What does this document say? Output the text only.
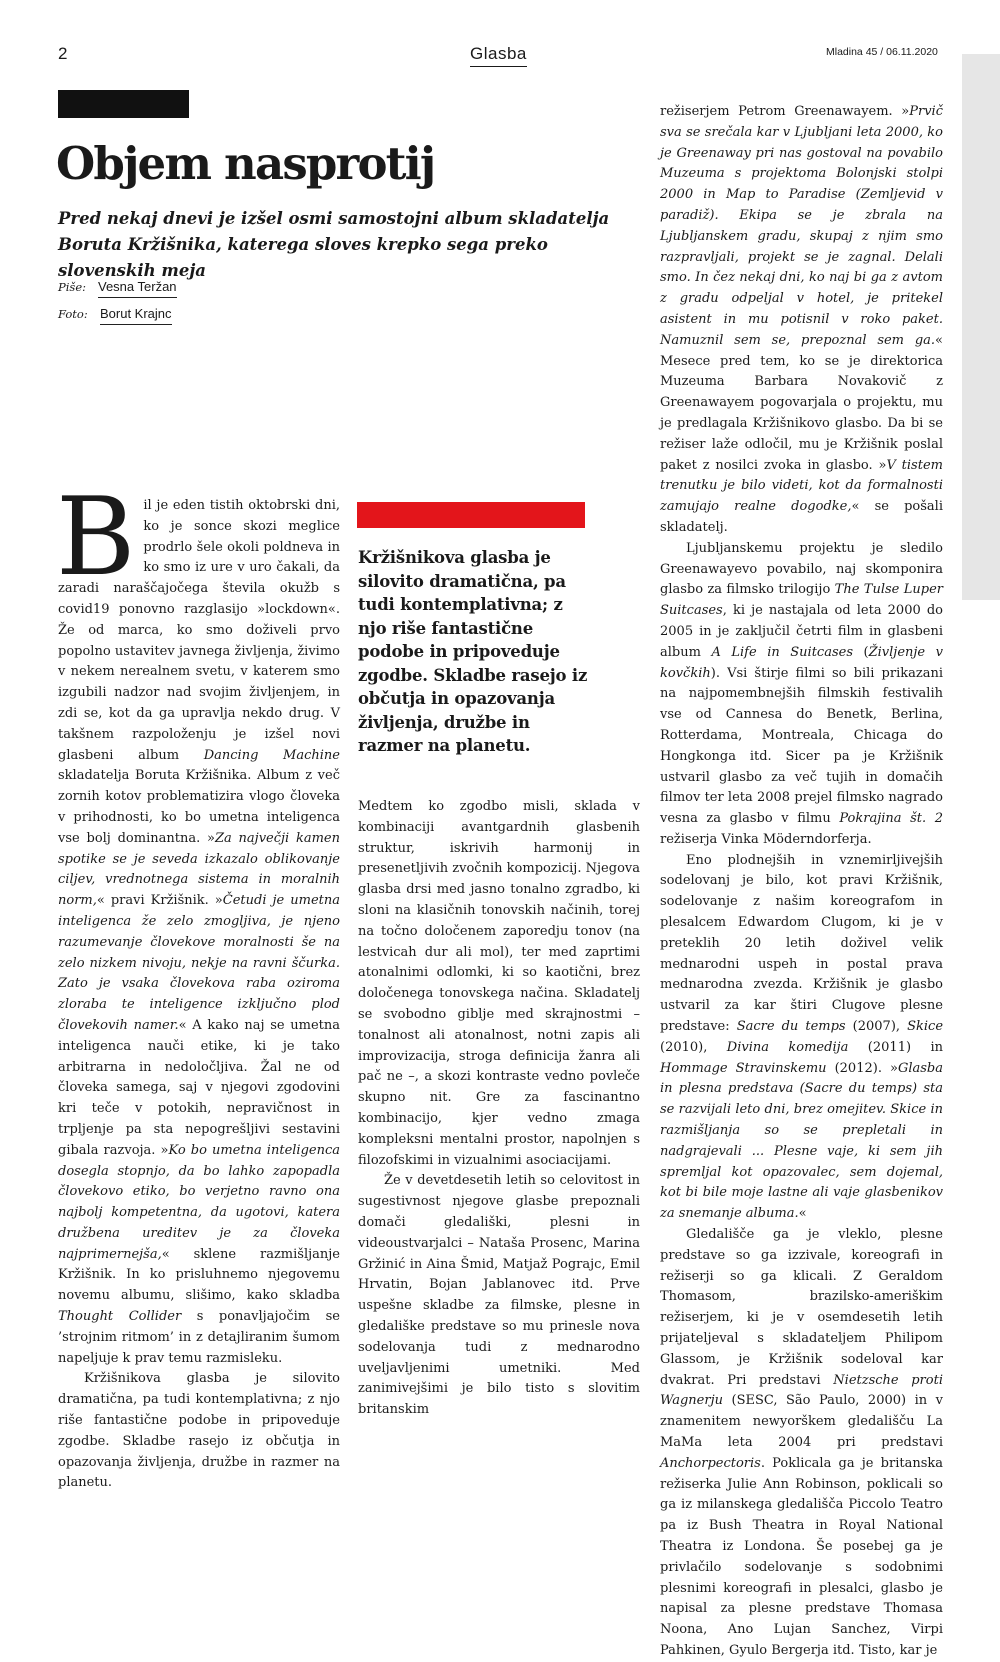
2	Glasba	Mladina 45 / 06.11.2020
Objem nasprotij

Pred nekaj dnevi je izšel osmi samostojni album skladatelja Boruta Kržišnika, katerega sloves krepko sega preko slovenskih meja

Piše: Vesna Teržan
Foto: Borut Krajnc

Bil je eden tistih oktobrski dni, ko je sonce skozi meglice prodrlo šele okoli poldneva in ko smo iz ure v uro čakali, da zaradi naraščajočega števila okužb s covid19 ponovno razglasijo »lockdown«. Že od marca, ko smo doživeli prvo popolno ustavitev javnega življenja, živimo v nekem nerealnem svetu, v katerem smo izgubili nadzor nad svojim življenjem, in zdi se, kot da ga upravlja nekdo drug. V takšnem razpoloženju je izšel novi glasbeni album Dancing Machine skladatelja Boruta Kržišnika. Album z več zornih kotov problematizira vlogo človeka v prihodnosti, ko bo umetna inteligenca vse bolj dominantna. »Za največji kamen spotike se je seveda izkazalo oblikovanje ciljev, vrednotnega sistema in moralnih norm,« pravi Kržišnik. »Četudi je umetna inteligenca že zelo zmogljiva, je njeno razumevanje človekove moralnosti še na zelo nizkem nivoju, nekje na ravni ščurka. Zato je vsaka človekova raba oziroma zloraba te inteligence izključno plod človekovih namer.« A kako naj se umetna inteligenca nauči etike, ki je tako arbitrarna in nedoločljiva. Žal ne od človeka samega, saj v njegovi zgodovini kri teče v potokih, nepravičnost in trpljenje pa sta nepogrešljivi sestavini gibala razvoja. »Ko bo umetna inteligenca dosegla stopnjo, da bo lahko zapopadla človekovo etiko, bo verjetno ravno ona najbolj kompetentna, da ugotovi, katera družbena ureditev je za človeka najprimernejša,« sklene razmišljanje Kržišnik. In ko prisluhnemo njegovemu novemu albumu, slišimo, kako skladba Thought Collider s ponavljajočim se ’strojnim ritmom’ in z detajliranim šumom napeljuje k prav temu razmisleku.

Kržišnikova glasba je silovito dramatična, pa tudi kontemplativna; z njo riše fantastične podobe in pripoveduje zgodbe. Skladbe rasejo iz občutja in opazovanja življenja, družbe in razmer na planetu.

Kržišnikova glasba je silovito dramatična, pa tudi kontemplativna; z njo riše fantastične podobe in pripoveduje zgodbe. Skladbe rasejo iz občutja in opazovanja življenja, družbe in razmer na planetu.

Medtem ko zgodbo misli, sklada v kombinaciji avantgardnih glasbenih struktur, iskrivih harmonij in presenetljivih zvočnih kompozicij. Njegova glasba drsi med jasno tonalno zgradbo, ki sloni na klasičnih tonovskih načinih, torej na točno določenem zaporedju tonov (na lestvicah dur ali mol), ter med zaprtimi atonalnimi odlomki, ki so kaotični, brez določenega tonovskega načina. Skladatelj se svobodno giblje med skrajnostmi – tonalnost ali atonalnost, notni zapis ali improvizacija, stroga definicija žanra ali pač ne –, a skozi kontraste vedno povleče skupno nit. Gre za fascinantno kombinacijo, kjer vedno zmaga kompleksni mentalni prostor, napolnjen s filozofskimi in vizualnimi asociacijami.

Že v devetdesetih letih so celovitost in sugestivnost njegove glasbe prepoznali domači gledališki, plesni in videoustvarjalci – Nataša Prosenc, Marina Gržinić in Aina Šmid, Matjaž Pograjc, Emil Hrvatin, Bojan Jablanovec itd. Prve uspešne skladbe za filmske, plesne in gledališke predstave so mu prinesle nova sodelovanja tudi z mednarodno uveljavljenimi umetniki. Med zanimivejšimi je bilo tisto s slovitim britanskim

režiserjem Petrom Greenawayem. »Prvič sva se srečala kar v Ljubljani leta 2000, ko je Greenaway pri nas gostoval na povabilo Muzeuma s projektoma Bolonjski stolpi 2000 in Map to Paradise (Zemljevid v paradiž). Ekipa se je zbrala na Ljubljanskem gradu, skupaj z njim smo razpravljali, projekt se je zagnal. Delali smo. In čez nekaj dni, ko naj bi ga z avtom z gradu odpeljal v hotel, je pritekel asistent in mu potisnil v roko paket. Namuznil sem se, prepoznal sem ga.« Mesece pred tem, ko se je direktorica Muzeuma Barbara Novakovič z Greenawayem pogovarjala o projektu, mu je predlagala Kržišnikovo glasbo. Da bi se režiser laže odločil, mu je Kržišnik poslal paket z nosilci zvoka in glasbo. »V tistem trenutku je bilo videti, kot da formalnosti zamujajo realne dogodke,« se pošali skladatelj.

Ljubljanskemu projektu je sledilo Greenawayevo povabilo, naj skomponira glasbo za filmsko trilogijo The Tulse Luper Suitcases, ki je nastajala od leta 2000 do 2005 in je zaključil četrti film in glasbeni album A Life in Suitcases (Življenje v kovčkih). Vsi štirje filmi so bili prikazani na najpomembnejših filmskih festivalih vse od Cannesa do Benetk, Berlina, Rotterdama, Montreala, Chicaga do Hongkonga itd. Sicer pa je Kržišnik ustvaril glasbo za več tujih in domačih filmov ter leta 2008 prejel filmsko nagrado vesna za glasbo v filmu Pokrajina št. 2 režiserja Vinka Möderndorferja.

Eno plodnejših in vznemirljivejših sodelovanj je bilo, kot pravi Kržišnik, sodelovanje z našim koreografom in plesalcem Edwardom Clugom, ki je v preteklih 20 letih doživel velik mednarodni uspeh in postal prava mednarodna zvezda. Kržišnik je glasbo ustvaril za kar štiri Clugove plesne predstave: Sacre du temps (2007), Skice (2010), Divina komedija (2011) in Hommage Stravinskemu (2012). »Glasba in plesna predstava (Sacre du temps) sta se razvijali leto dni, brez omejitev. Skice in razmišljanja so se prepletali in nadgrajevali ... Plesne vaje, ki sem jih spremljal kot opazovalec, sem dojemal, kot bi bile moje lastne ali vaje glasbenikov za snemanje albuma.«

Gledališče ga je vleklo, plesne predstave so ga izzivale, koreografi in režiserji so ga klicali. Z Geraldom Thomasom, brazilsko-ameriškim režiserjem, ki je v osemdesetih letih prijateljeval s skladateljem Philipom Glassom, je Kržišnik sodeloval kar dvakrat. Pri predstavi Nietzsche proti Wagnerju (SESC, São Paulo, 2000) in v znamenitem newyorškem gledališču La MaMa leta 2004 pri predstavi Anchorpectoris. Poklicala ga je britanska režiserka Julie Ann Robinson, poklicali so ga iz milanskega gledališča Piccolo Teatro pa iz Bush Theatra in Royal National Theatra iz Londona. Še posebej ga je privlačilo sodelovanje s sodobnimi plesnimi koreografi in plesalci, glasbo je napisal za plesne predstave Thomasa Noona, Ano Lujan Sanchez, Virpi Pahkinen, Gyulo Bergerja itd. Tisto, kar je
